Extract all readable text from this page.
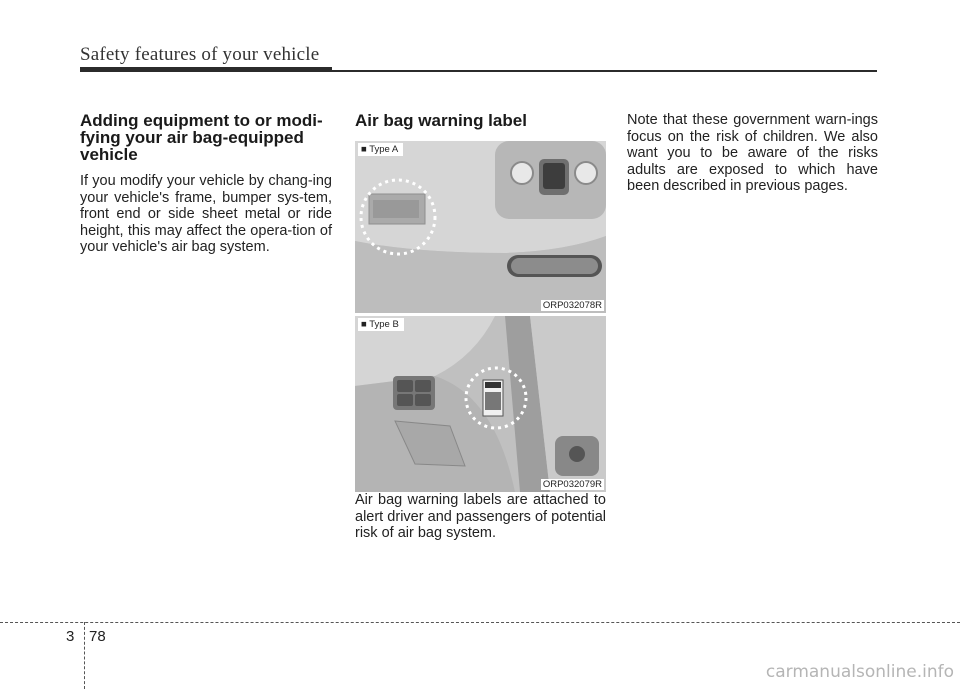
Safety features of your vehicle
Adding equipment to or modi-fying your air bag-equipped vehicle

If you modify your vehicle by chang-ing your vehicle's frame, bumper sys-tem, front end or side sheet metal or ride height, this may affect the opera-tion of your vehicle's air bag system.

Air bag warning label
■ Type A
ORP032078R
■ Type B
ORP032079R

Air bag warning labels are attached to alert driver and passengers of potential risk of air bag system.

Note that these government warn-ings focus on the risk of children. We also want you to be aware of the risks adults are exposed to which have been described in previous pages.

3 78
carmanualsonline.info
